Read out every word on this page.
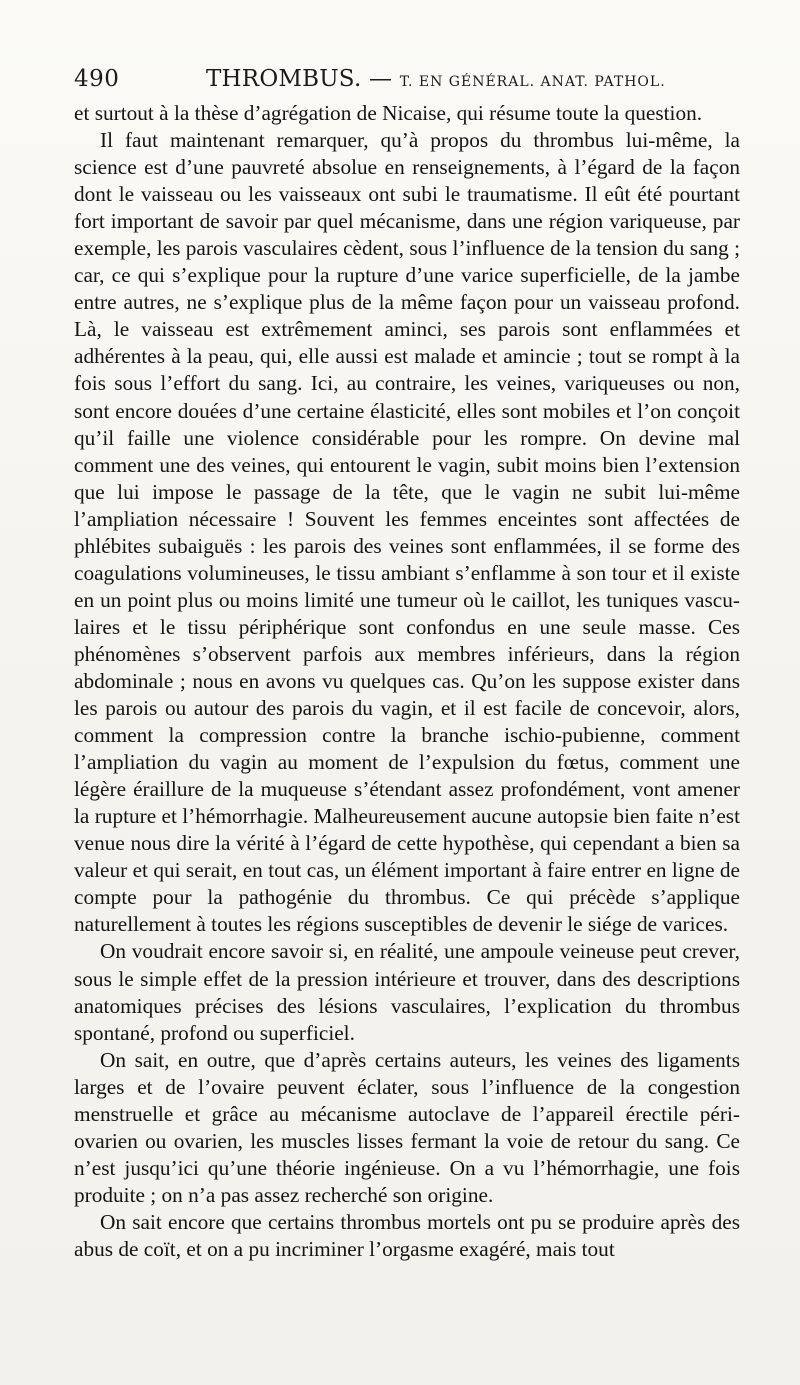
490	THROMBUS. — T. EN GÉNÉRAL. ANAT. PATHOL.

et surtout à la thèse d’agrégation de Nicaise, qui résume toute la question.

Il faut maintenant remarquer, qu’à propos du thrombus lui-même, la science est d’une pauvreté absolue en renseignements, à l’égard de la façon dont le vaisseau ou les vaisseaux ont subi le traumatisme. Il eût été pourtant fort important de savoir par quel mécanisme, dans une région variqueuse, par exemple, les parois vasculaires cèdent, sous l’influence de la tension du sang ; car, ce qui s’explique pour la rupture d’une varice superficielle, de la jambe entre autres, ne s’explique plus de la même façon pour un vaisseau profond. Là, le vaisseau est extrêmement aminci, ses parois sont enflammées et adhérentes à la peau, qui, elle aussi est malade et amincie ; tout se rompt à la fois sous l’effort du sang. Ici, au contraire, les veines, variqueuses ou non, sont encore douées d’une certaine élasticité, elles sont mobiles et l’on conçoit qu’il faille une violence considérable pour les rompre. On devine mal comment une des veines, qui entourent le vagin, subit moins bien l’extension que lui impose le passage de la tête, que le vagin ne subit lui-même l’ampliation nécessaire ! Souvent les femmes enceintes sont affectées de phlébites subaiguës : les parois des veines sont enflammées, il se forme des coagulations volumineuses, le tissu ambiant s’enflamme à son tour et il existe en un point plus ou moins limité une tumeur où le caillot, les tuniques vasculaires et le tissu périphérique sont confondus en une seule masse. Ces phénomènes s’observent parfois aux membres inférieurs, dans la région abdominale ; nous en avons vu quelques cas. Qu’on les suppose exister dans les parois ou autour des parois du vagin, et il est facile de concevoir, alors, comment la compression contre la branche ischio-pubienne, comment l’ampliation du vagin au moment de l’expulsion du fœtus, comment une légère éraillure de la muqueuse s’étendant assez profondément, vont amener la rupture et l’hémorrhagie. Malheureusement aucune autopsie bien faite n’est venue nous dire la vérité à l’égard de cette hypothèse, qui cependant a bien sa valeur et qui serait, en tout cas, un élément important à faire entrer en ligne de compte pour la pathogénie du thrombus. Ce qui précède s’applique naturellement à toutes les régions susceptibles de devenir le siége de varices.

On voudrait encore savoir si, en réalité, une ampoule veineuse peut crever, sous le simple effet de la pression intérieure et trouver, dans des descriptions anatomiques précises des lésions vasculaires, l’explication du thrombus spontané, profond ou superficiel.

On sait, en outre, que d’après certains auteurs, les veines des ligaments larges et de l’ovaire peuvent éclater, sous l’influence de la congestion menstruelle et grâce au mécanisme autoclave de l’appareil érectile périovarien ou ovarien, les muscles lisses fermant la voie de retour du sang. Ce n’est jusqu’ici qu’une théorie ingénieuse. On a vu l’hémorrhagie, une fois produite ; on n’a pas assez recherché son origine.

On sait encore que certains thrombus mortels ont pu se produire après des abus de coït, et on a pu incriminer l’orgasme exagéré, mais tout
